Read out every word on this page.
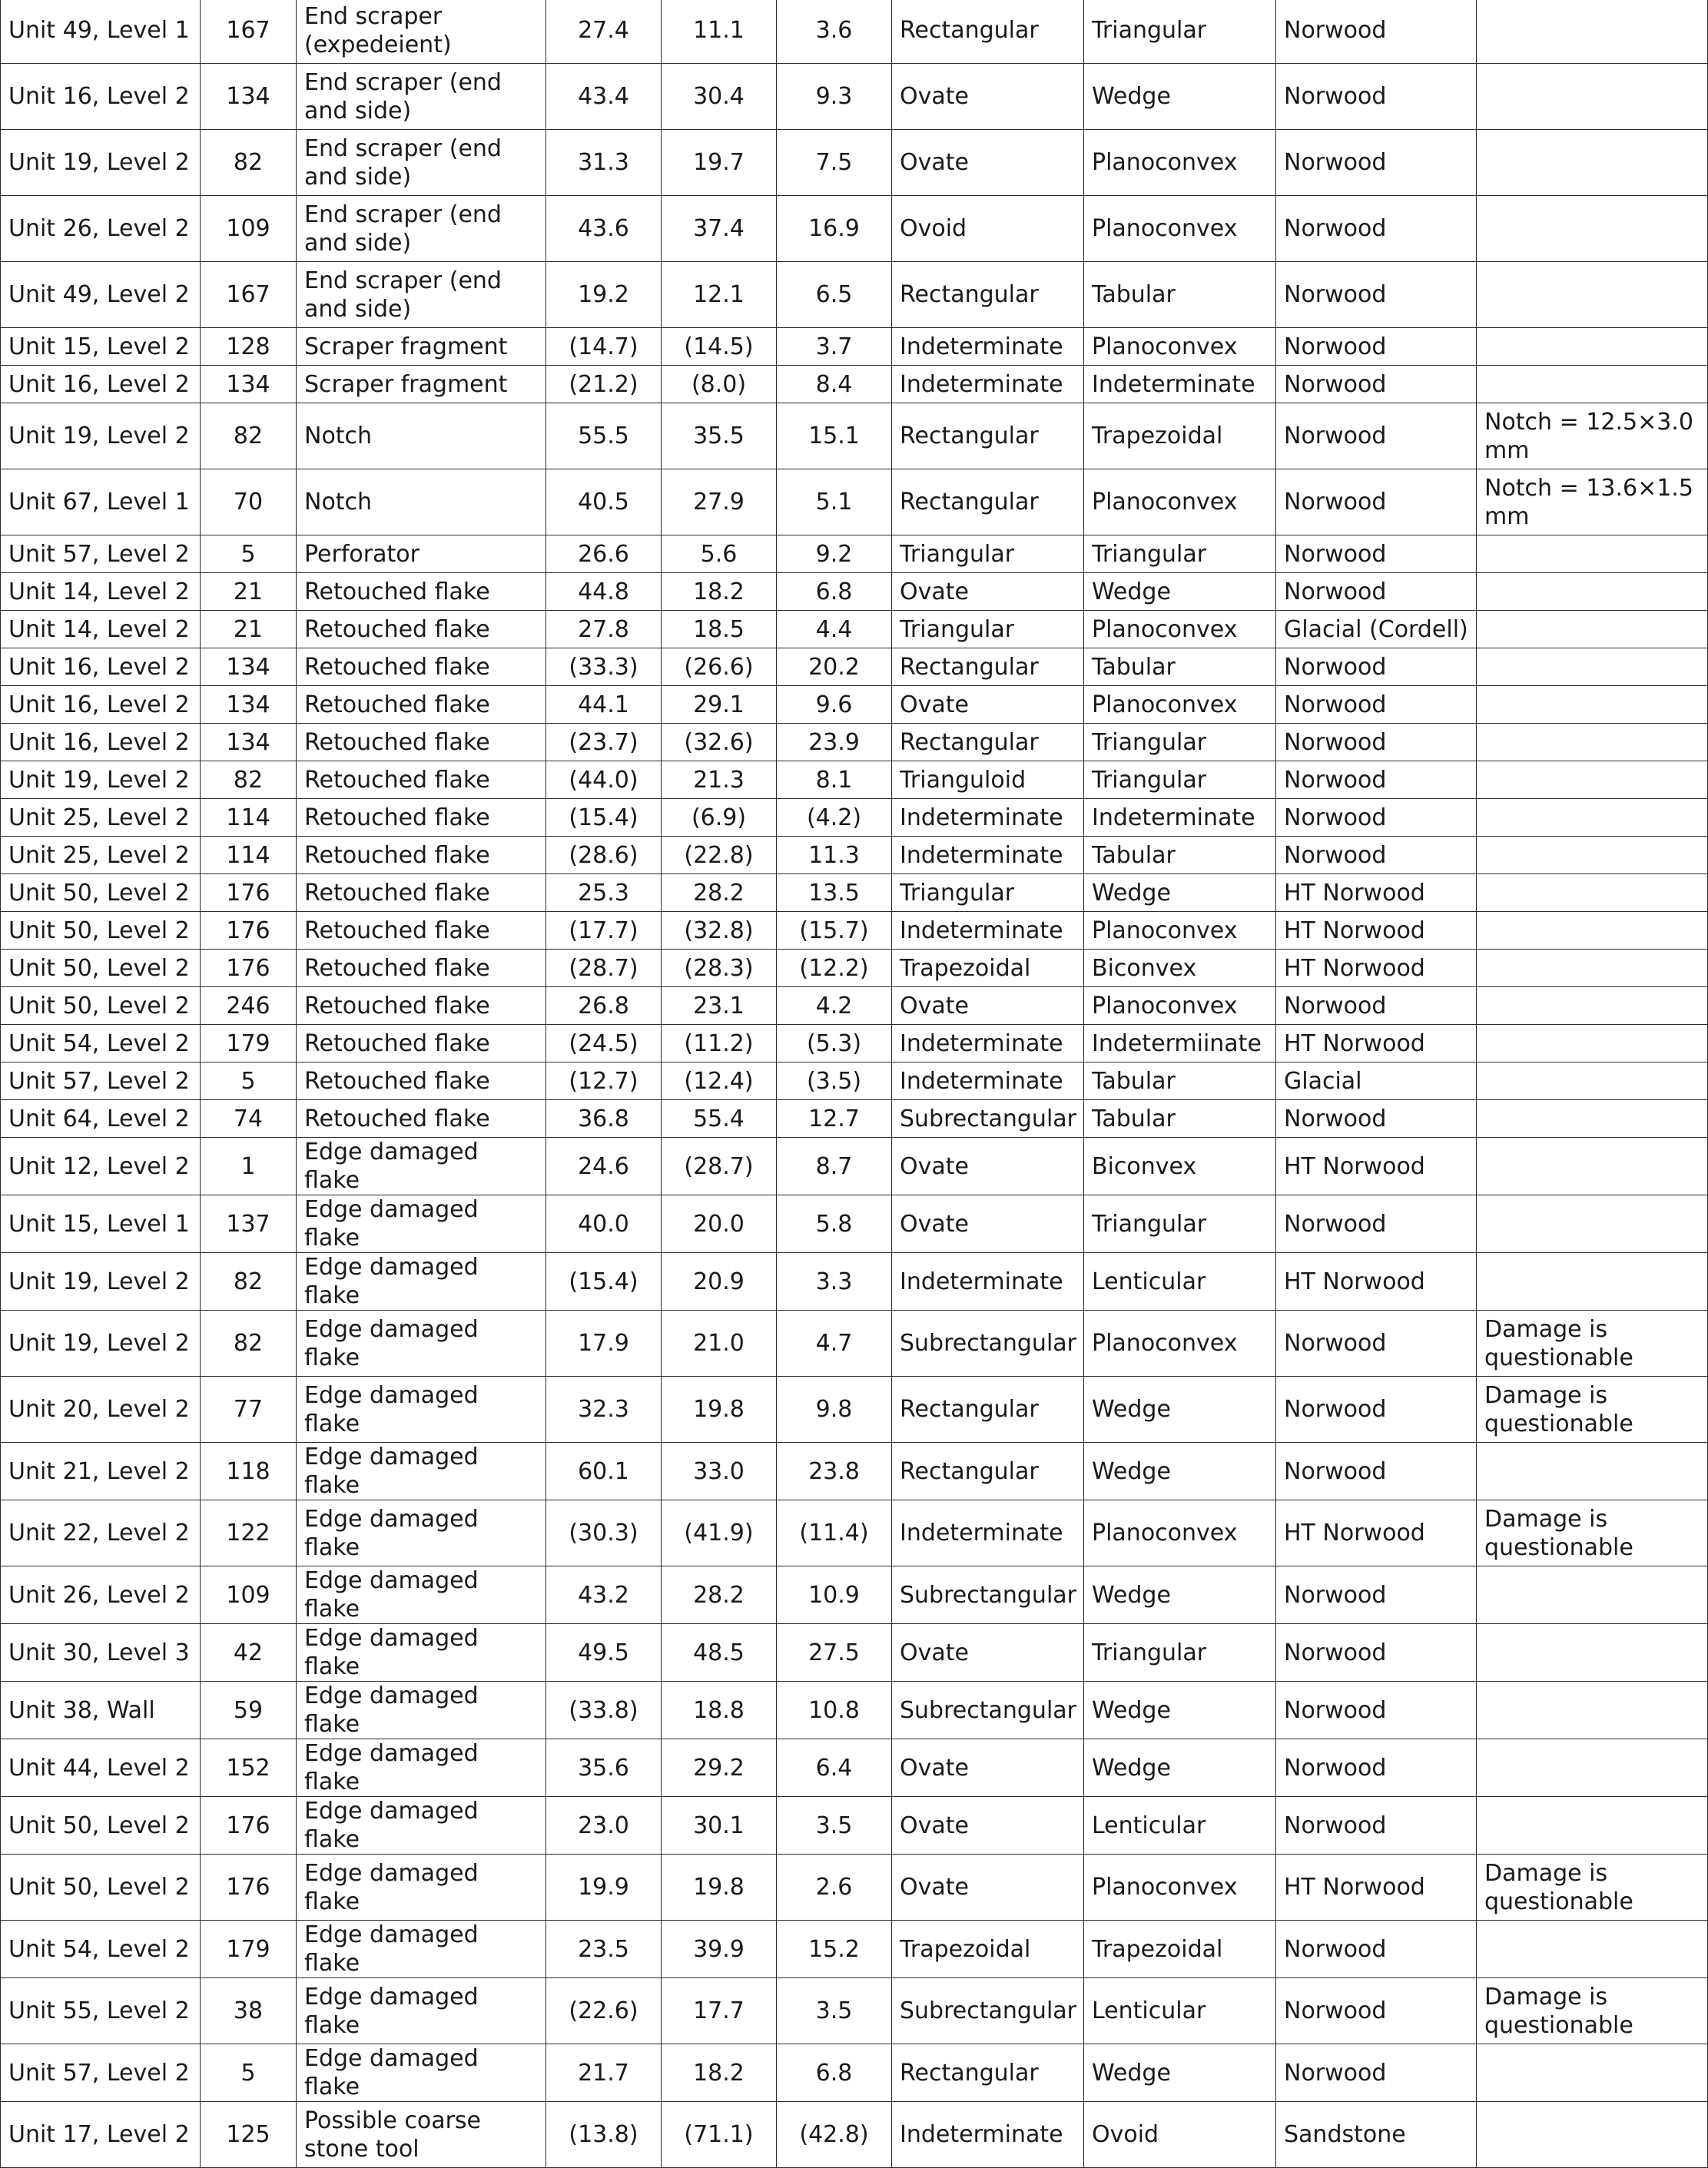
Unit 49, Level 1	167	End scraper (expedeient)	27.4	11.1	3.6	Rectangular	Triangular	Norwood	
Unit 16, Level 2	134	End scraper (end and side)	43.4	30.4	9.3	Ovate	Wedge	Norwood	
Unit 19, Level 2	82	End scraper (end and side)	31.3	19.7	7.5	Ovate	Planoconvex	Norwood	
Unit 26, Level 2	109	End scraper (end and side)	43.6	37.4	16.9	Ovoid	Planoconvex	Norwood	
Unit 49, Level 2	167	End scraper (end and side)	19.2	12.1	6.5	Rectangular	Tabular	Norwood	
Unit 15, Level 2	128	Scraper fragment	(14.7)	(14.5)	3.7	Indeterminate	Planoconvex	Norwood	
Unit 16, Level 2	134	Scraper fragment	(21.2)	(8.0)	8.4	Indeterminate	Indeterminate	Norwood	
Unit 19, Level 2	82	Notch	55.5	35.5	15.1	Rectangular	Trapezoidal	Norwood	Notch = 12.5×3.0 mm
Unit 67, Level 1	70	Notch	40.5	27.9	5.1	Rectangular	Planoconvex	Norwood	Notch = 13.6×1.5 mm
Unit 57, Level 2	5	Perforator	26.6	5.6	9.2	Triangular	Triangular	Norwood	
Unit 14, Level 2	21	Retouched flake	44.8	18.2	6.8	Ovate	Wedge	Norwood	
Unit 14, Level 2	21	Retouched flake	27.8	18.5	4.4	Triangular	Planoconvex	Glacial (Cordell)	
Unit 16, Level 2	134	Retouched flake	(33.3)	(26.6)	20.2	Rectangular	Tabular	Norwood	
Unit 16, Level 2	134	Retouched flake	44.1	29.1	9.6	Ovate	Planoconvex	Norwood	
Unit 16, Level 2	134	Retouched flake	(23.7)	(32.6)	23.9	Rectangular	Triangular	Norwood	
Unit 19, Level 2	82	Retouched flake	(44.0)	21.3	8.1	Trianguloid	Triangular	Norwood	
Unit 25, Level 2	114	Retouched flake	(15.4)	(6.9)	(4.2)	Indeterminate	Indeterminate	Norwood	
Unit 25, Level 2	114	Retouched flake	(28.6)	(22.8)	11.3	Indeterminate	Tabular	Norwood	
Unit 50, Level 2	176	Retouched flake	25.3	28.2	13.5	Triangular	Wedge	HT Norwood	
Unit 50, Level 2	176	Retouched flake	(17.7)	(32.8)	(15.7)	Indeterminate	Planoconvex	HT Norwood	
Unit 50, Level 2	176	Retouched flake	(28.7)	(28.3)	(12.2)	Trapezoidal	Biconvex	HT Norwood	
Unit 50, Level 2	246	Retouched flake	26.8	23.1	4.2	Ovate	Planoconvex	Norwood	
Unit 54, Level 2	179	Retouched flake	(24.5)	(11.2)	(5.3)	Indeterminate	Indetermiinate	HT Norwood	
Unit 57, Level 2	5	Retouched flake	(12.7)	(12.4)	(3.5)	Indeterminate	Tabular	Glacial	
Unit 64, Level 2	74	Retouched flake	36.8	55.4	12.7	Subrectangular	Tabular	Norwood	
Unit 12, Level 2	1	Edge damaged flake	24.6	(28.7)	8.7	Ovate	Biconvex	HT Norwood	
Unit 15, Level 1	137	Edge damaged flake	40.0	20.0	5.8	Ovate	Triangular	Norwood	
Unit 19, Level 2	82	Edge damaged flake	(15.4)	20.9	3.3	Indeterminate	Lenticular	HT Norwood	
Unit 19, Level 2	82	Edge damaged flake	17.9	21.0	4.7	Subrectangular	Planoconvex	Norwood	Damage is questionable
Unit 20, Level 2	77	Edge damaged flake	32.3	19.8	9.8	Rectangular	Wedge	Norwood	Damage is questionable
Unit 21, Level 2	118	Edge damaged flake	60.1	33.0	23.8	Rectangular	Wedge	Norwood	
Unit 22, Level 2	122	Edge damaged flake	(30.3)	(41.9)	(11.4)	Indeterminate	Planoconvex	HT Norwood	Damage is questionable
Unit 26, Level 2	109	Edge damaged flake	43.2	28.2	10.9	Subrectangular	Wedge	Norwood	
Unit 30, Level 3	42	Edge damaged flake	49.5	48.5	27.5	Ovate	Triangular	Norwood	
Unit 38, Wall	59	Edge damaged flake	(33.8)	18.8	10.8	Subrectangular	Wedge	Norwood	
Unit 44, Level 2	152	Edge damaged flake	35.6	29.2	6.4	Ovate	Wedge	Norwood	
Unit 50, Level 2	176	Edge damaged flake	23.0	30.1	3.5	Ovate	Lenticular	Norwood	
Unit 50, Level 2	176	Edge damaged flake	19.9	19.8	2.6	Ovate	Planoconvex	HT Norwood	Damage is questionable
Unit 54, Level 2	179	Edge damaged flake	23.5	39.9	15.2	Trapezoidal	Trapezoidal	Norwood	
Unit 55, Level 2	38	Edge damaged flake	(22.6)	17.7	3.5	Subrectangular	Lenticular	Norwood	Damage is questionable
Unit 57, Level 2	5	Edge damaged flake	21.7	18.2	6.8	Rectangular	Wedge	Norwood	
Unit 17, Level 2	125	Possible coarse stone tool	(13.8)	(71.1)	(42.8)	Indeterminate	Ovoid	Sandstone	
